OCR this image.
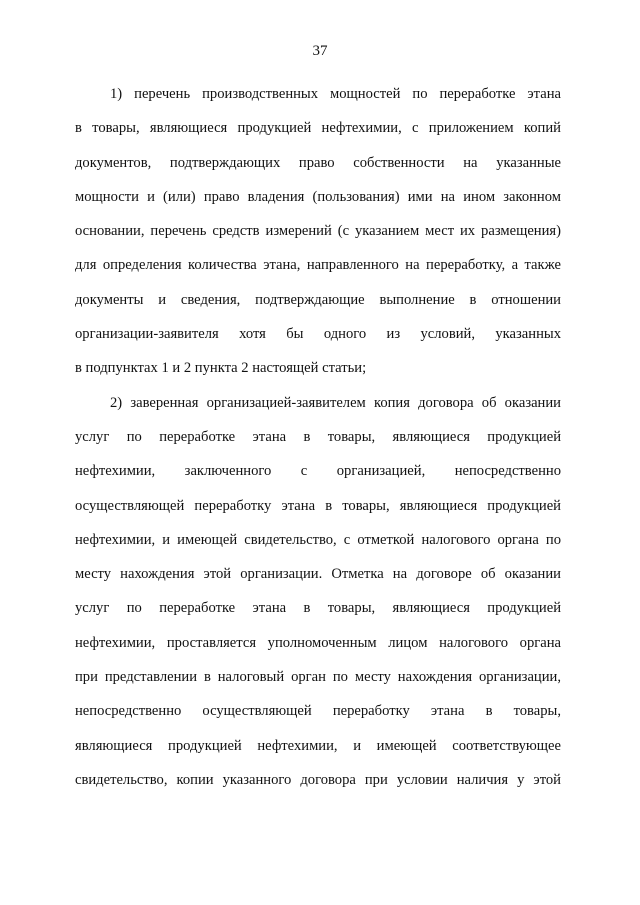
37
1) перечень производственных мощностей по переработке этана
в товары, являющиеся продукцией нефтехимии, с приложением копий
документов, подтверждающих право собственности на указанные
мощности и (или) право владения (пользования) ими на ином законном
основании, перечень средств измерений (с указанием мест их размещения)
для определения количества этана, направленного на переработку, а также
документы и сведения, подтверждающие выполнение в отношении
организации-заявителя хотя бы одного из условий, указанных
в подпунктах 1 и 2 пункта 2 настоящей статьи;
2) заверенная организацией-заявителем копия договора об оказании
услуг по переработке этана в товары, являющиеся продукцией
нефтехимии, заключенного с организацией, непосредственно
осуществляющей переработку этана в товары, являющиеся продукцией
нефтехимии, и имеющей свидетельство, с отметкой налогового органа по
месту нахождения этой организации. Отметка на договоре об оказании
услуг по переработке этана в товары, являющиеся продукцией
нефтехимии, проставляется уполномоченным лицом налогового органа
при представлении в налоговый орган по месту нахождения организации,
непосредственно осуществляющей переработку этана в товары,
являющиеся продукцией нефтехимии, и имеющей соответствующее
свидетельство, копии указанного договора при условии наличия у этой
